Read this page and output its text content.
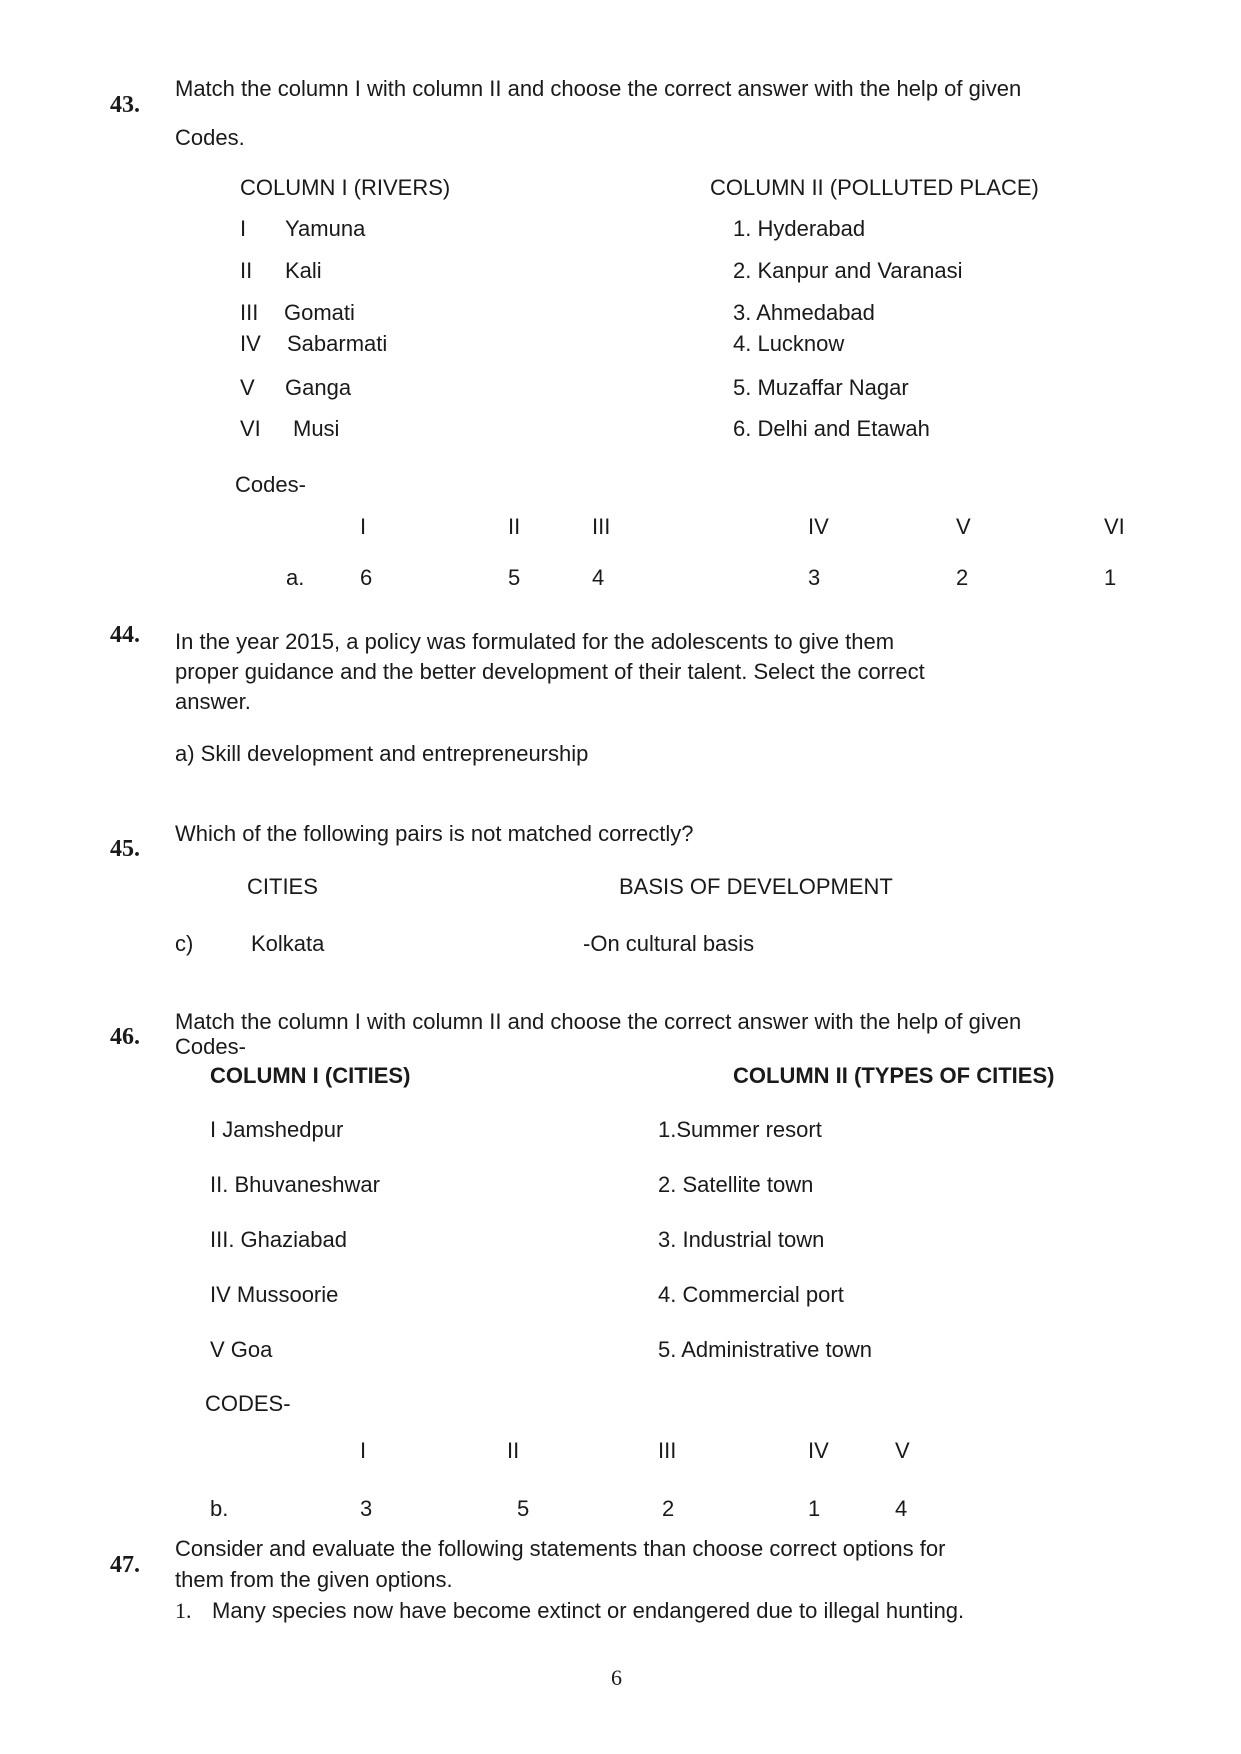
43.
Match the column I with column II and choose the correct answer with the help of given
Codes.
COLUMN I (RIVERS)	COLUMN II (POLLUTED PLACE)
I Yamuna	1. Hyderabad
II Kali	2. Kanpur and Varanasi
III Gomati	3. Ahmedabad
IV Sabarmati	4. Lucknow
V Ganga	5. Muzaffar Nagar
VI Musi	6. Delhi and Etawah
Codes-
I	II	III	IV	V	VI
a.	6	5	4	3	2	1
44. In the year 2015, a policy was formulated for the adolescents to give them
proper guidance and the better development of their talent. Select the correct
answer.
a) Skill development and entrepreneurship
45.
Which of the following pairs is not matched correctly?
CITIES	BASIS OF DEVELOPMENT
c)	Kolkata	-On cultural basis
46.
Match the column I with column II and choose the correct answer with the help of given
Codes-
COLUMN I (CITIES)	COLUMN II (TYPES OF CITIES)
I Jamshedpur	1.Summer resort
II. Bhuvaneshwar	2. Satellite town
III. Ghaziabad	3. Industrial town
IV Mussoorie	4. Commercial port
V Goa	5. Administrative town
CODES-
I	II	III	IV	V
b.	3	5	2	1	4
47.
Consider and evaluate the following statements than choose correct options for
them from the given options.
1. Many species now have become extinct or endangered due to illegal hunting.
6
